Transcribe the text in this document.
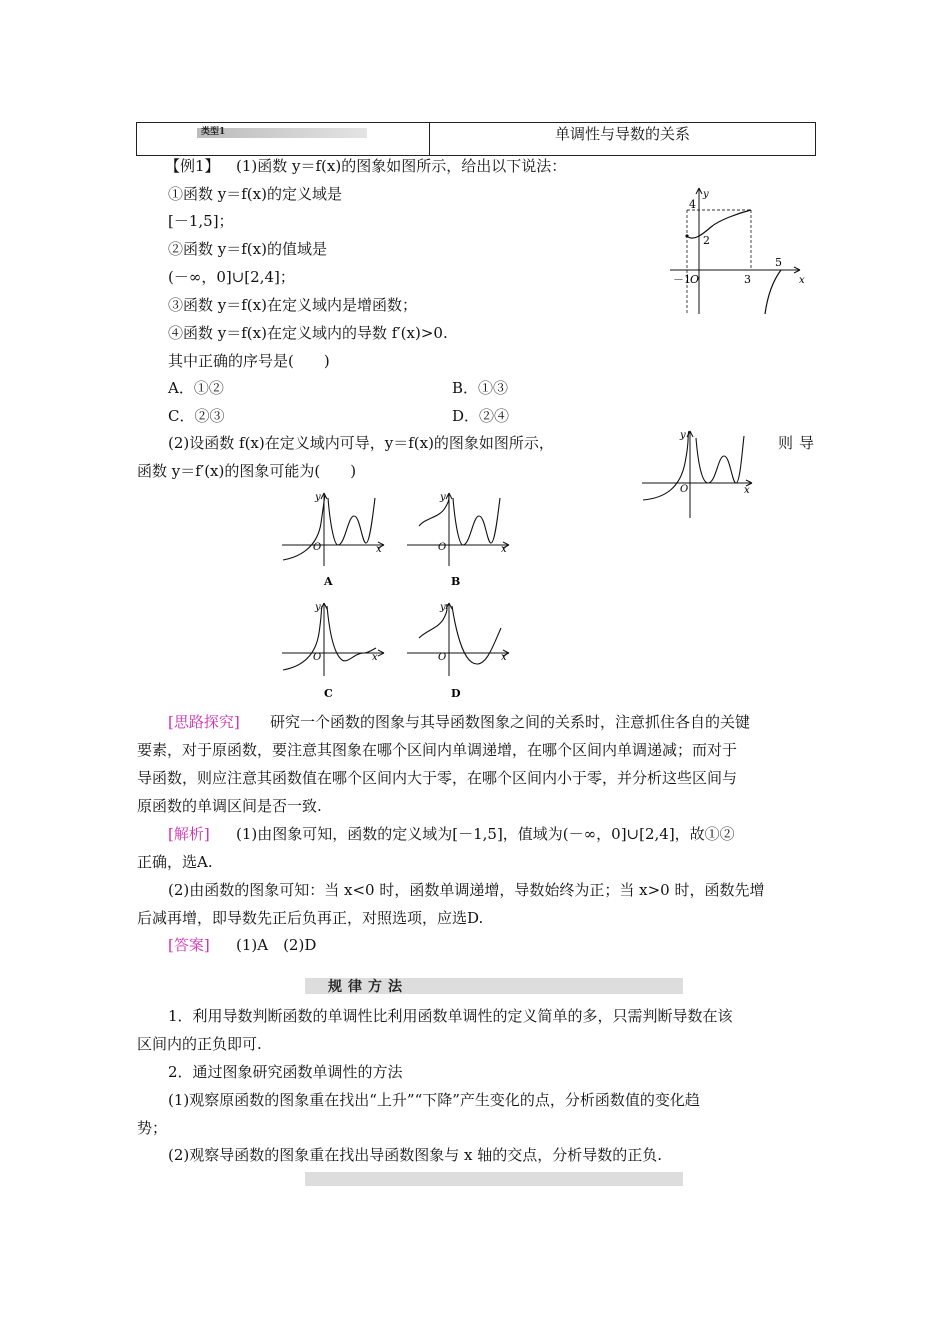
类型1	单调性与导数的关系
【例1】 (1)函数 y＝f(x)的图象如图所示，给出以下说法：
①函数 y＝f(x)的定义域是
[－1,5]；
②函数 y＝f(x)的值域是
(－∞，0]∪[2,4]；
③函数 y＝f(x)在定义域内是增函数；
④函数 y＝f(x)在定义域内的导数 f′(x)>0.
其中正确的序号是(　　)
A．①②	B．①③
C．②③	D．②④
(2)设函数 f(x)在定义域内可导，y＝f(x)的图象如图所示，	则导
函数 y＝f′(x)的图象可能为(　　)
y
x
4
2
－1 O	3
5
O
y
x
y
O	x
A
y
O	x
B
y
O	x
C
y
O	x
D
[思路探究] 研究一个函数的图象与其导函数图象之间的关系时，注意抓住各自的关键
要素，对于原函数，要注意其图象在哪个区间内单调递增，在哪个区间内单调递减；而对于
导函数，则应注意其函数值在哪个区间内大于零，在哪个区间内小于零，并分析这些区间与
原函数的单调区间是否一致.
[解析] (1)由图象可知，函数的定义域为[－1,5]，值域为(－∞，0]∪[2,4]，故①②
正确，选A.
(2)由函数的图象可知：当 x<0 时，函数单调递增，导数始终为正；当 x>0 时，函数先增
后减再增，即导数先正后负再正，对照选项，应选D.
[答案] (1)A　(2)D
规律方法
1．利用导数判断函数的单调性比利用函数单调性的定义简单的多，只需判断导数在该
区间内的正负即可.
2．通过图象研究函数单调性的方法
(1)观察原函数的图象重在找出“上升”“下降”产生变化的点，分析函数值的变化趋
势；
(2)观察导函数的图象重在找出导函数图象与 x 轴的交点，分析导数的正负.
